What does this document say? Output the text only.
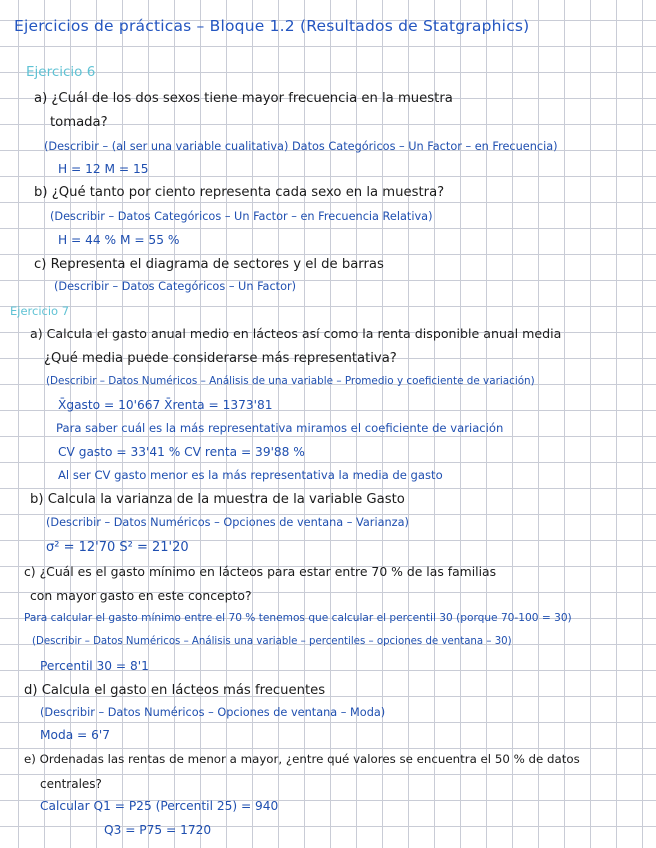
Ejercicios de prácticas – Bloque 1.2 (Resultados de Statgraphics)
Ejercicio 6
a) ¿Cuál de los dos sexos tiene mayor frecuencia en la muestra
tomada?
(Describir – (al ser una variable cualitativa) Datos Categóricos – Un Factor – en Frecuencia)
H = 12 M = 15
b) ¿Qué tanto por ciento representa cada sexo en la muestra?
(Describir – Datos Categóricos – Un Factor – en Frecuencia Relativa)
H = 44 % M = 55 %
c) Representa el diagrama de sectores y el de barras
(Describir – Datos Categóricos – Un Factor)
Ejercicio 7
a) Calcula el gasto anual medio en lácteos así como la renta disponible anual media
¿Qué media puede considerarse más representativa?
(Describir – Datos Numéricos – Análisis de una variable – Promedio y coeficiente de variación)
X̄gasto = 10'667 X̄renta = 1373'81
Para saber cuál es la más representativa miramos el coeficiente de variación
CV gasto = 33'41 % CV renta = 39'88 %
Al ser CV gasto menor es la más representativa la media de gasto
b) Calcula la varianza de la muestra de la variable Gasto
(Describir – Datos Numéricos – Opciones de ventana – Varianza)
σ² = 12'70 S² = 21'20
c) ¿Cuál es el gasto mínimo en lácteos para estar entre 70 % de las familias
con mayor gasto en este concepto?
Para calcular el gasto mínimo entre el 70 % tenemos que calcular el percentil 30 (porque 70-100 = 30)
(Describir – Datos Numéricos – Análisis una variable – percentiles – opciones de ventana – 30)
Percentil 30 = 8'1
d) Calcula el gasto en lácteos más frecuentes
(Describir – Datos Numéricos – Opciones de ventana – Moda)
Moda = 6'7
e) Ordenadas las rentas de menor a mayor, ¿entre qué valores se encuentra el 50 % de datos
centrales?
Calcular Q1 = P25 (Percentil 25) = 940
Q3 = P75 = 1720
